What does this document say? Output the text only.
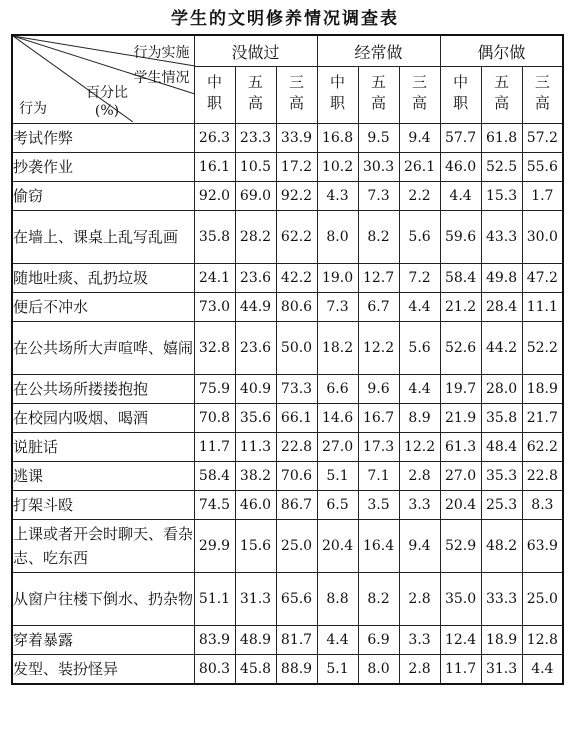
学生的文明修养情况调查表
行为实施
学生情况
百分比(%)
行为	没做过			经常做			偶尔做		
	中职	五高	三高	中职	五高	三高	中职	五高	三高
考试作弊	26.3	23.3	33.9	16.8	9.5	9.4	57.7	61.8	57.2
抄袭作业	16.1	10.5	17.2	10.2	30.3	26.1	46.0	52.5	55.6
偷窃	92.0	69.0	92.2	4.3	7.3	2.2	4.4	15.3	1.7
在墙上、课桌上乱写乱画	35.8	28.2	62.2	8.0	8.2	5.6	59.6	43.3	30.0
随地吐痰、乱扔垃圾	24.1	23.6	42.2	19.0	12.7	7.2	58.4	49.8	47.2
便后不冲水	73.0	44.9	80.6	7.3	6.7	4.4	21.2	28.4	11.1
在公共场所大声喧哗、嬉闹	32.8	23.6	50.0	18.2	12.2	5.6	52.6	44.2	52.2
在公共场所搂搂抱抱	75.9	40.9	73.3	6.6	9.6	4.4	19.7	28.0	18.9
在校园内吸烟、喝酒	70.8	35.6	66.1	14.6	16.7	8.9	21.9	35.8	21.7
说脏话	11.7	11.3	22.8	27.0	17.3	12.2	61.3	48.4	62.2
逃课	58.4	38.2	70.6	5.1	7.1	2.8	27.0	35.3	22.8
打架斗殴	74.5	46.0	86.7	6.5	3.5	3.3	20.4	25.3	8.3
上课或者开会时聊天、看杂志、吃东西	29.9	15.6	25.0	20.4	16.4	9.4	52.9	48.2	63.9
从窗户往楼下倒水、扔杂物	51.1	31.3	65.6	8.8	8.2	2.8	35.0	33.3	25.0
穿着暴露	83.9	48.9	81.7	4.4	6.9	3.3	12.4	18.9	12.8
发型、装扮怪异	80.3	45.8	88.9	5.1	8.0	2.8	11.7	31.3	4.4
